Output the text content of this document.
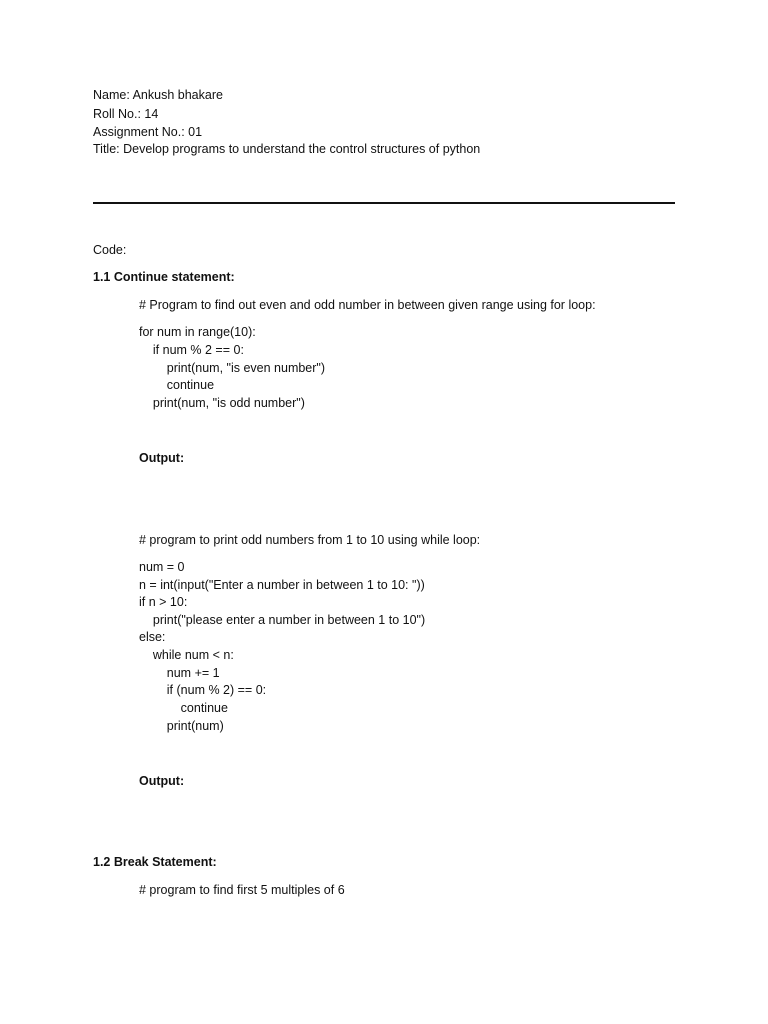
Name: Ankush bhakare
Roll No.: 14
Assignment No.: 01
Title: Develop programs to understand the control structures of python
Code:
1.1 Continue statement:
# Program to find out even and odd number in between given range using for loop:
for num in range(10):
if num % 2 == 0:
print(num, "is even number")
continue
print(num, "is odd number")
Output:
# program to print odd numbers from 1 to 10 using while loop:
num = 0
n = int(input("Enter a number in between 1 to 10: "))
if n > 10:
print("please enter a number in between 1 to 10")
else:
while num < n:
num += 1
if (num % 2) == 0:
continue
print(num)
Output:
1.2 Break Statement:
# program to find first 5 multiples of 6
